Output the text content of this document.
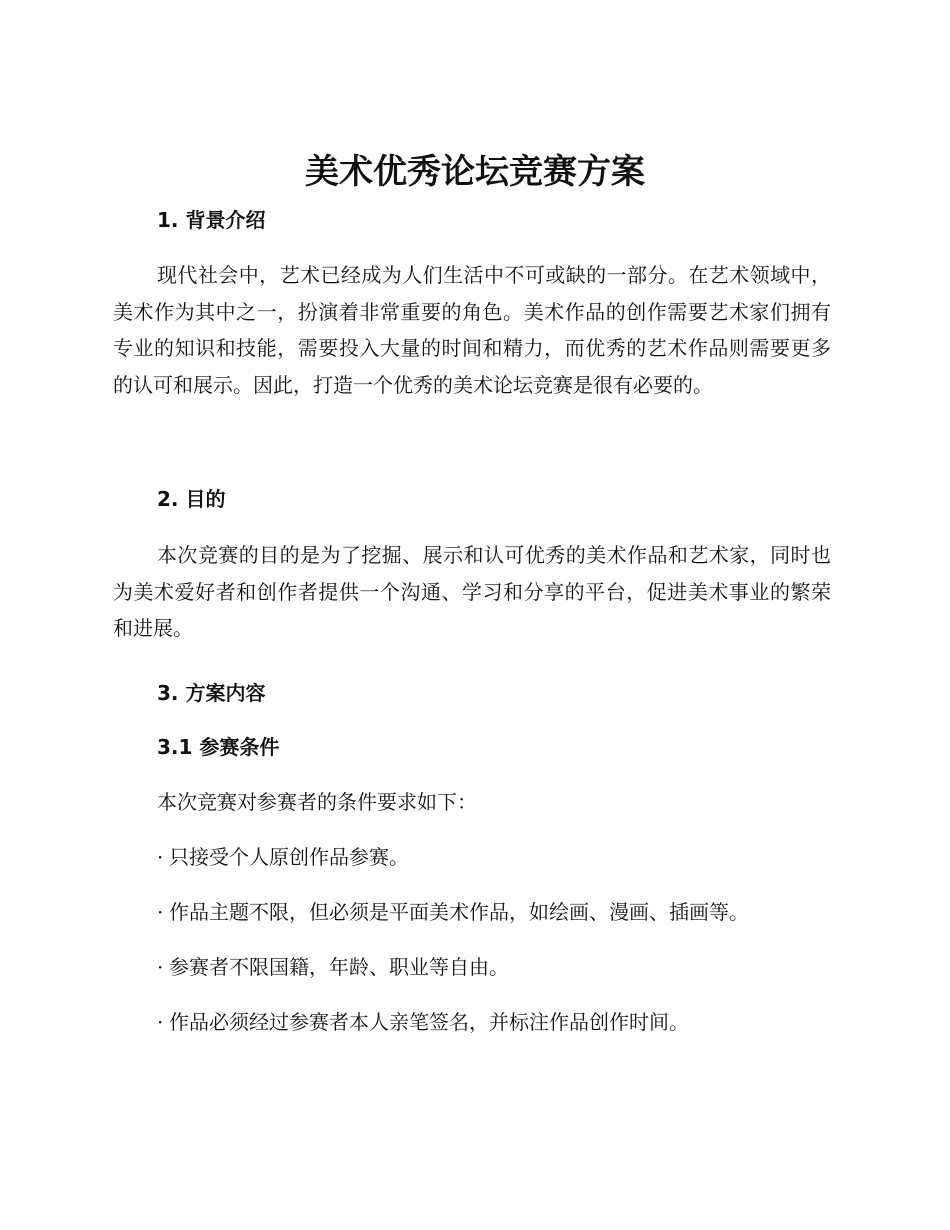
美术优秀论坛竞赛方案
1. 背景介绍
现代社会中，艺术已经成为人们生活中不可或缺的一部分。在艺术领域中，美术作为其中之一，扮演着非常重要的角色。美术作品的创作需要艺术家们拥有专业的知识和技能，需要投入大量的时间和精力，而优秀的艺术作品则需要更多的认可和展示。因此，打造一个优秀的美术论坛竞赛是很有必要的。
2. 目的
本次竞赛的目的是为了挖掘、展示和认可优秀的美术作品和艺术家，同时也为美术爱好者和创作者提供一个沟通、学习和分享的平台，促进美术事业的繁荣和进展。
3. 方案内容
3.1 参赛条件
本次竞赛对参赛者的条件要求如下：
· 只接受个人原创作品参赛。
· 作品主题不限，但必须是平面美术作品，如绘画、漫画、插画等。
· 参赛者不限国籍，年龄、职业等自由。
· 作品必须经过参赛者本人亲笔签名，并标注作品创作时间。
